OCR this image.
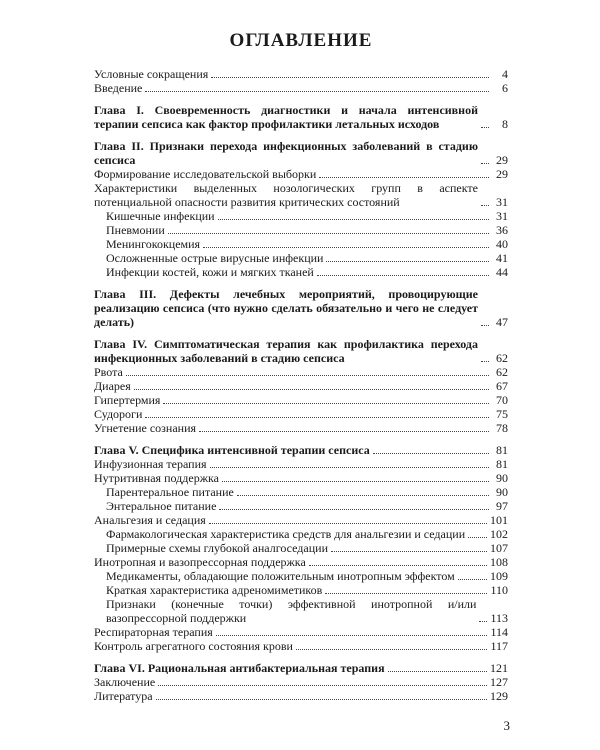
ОГЛАВЛЕНИЕ
Условные сокращения	4
Введение	6
Глава I. Своевременность диагностики и начала интенсивной терапии сепсиса как фактор профилактики летальных исходов	8
Глава II. Признаки перехода инфекционных заболеваний в стадию сепсиса	29
Формирование исследовательской выборки	29
Характеристики выделенных нозологических групп в аспекте потенциальной опасности развития критических состояний	31
Кишечные инфекции	31
Пневмонии	36
Менингококцемия	40
Осложненные острые вирусные инфекции	41
Инфекции костей, кожи и мягких тканей	44
Глава III. Дефекты лечебных мероприятий, провоцирующие реализацию сепсиса (что нужно сделать обязательно и чего не следует делать)	47
Глава IV. Симптоматическая терапия как профилактика перехода инфекционных заболеваний в стадию сепсиса	62
Рвота	62
Диарея	67
Гипертермия	70
Судороги	75
Угнетение сознания	78
Глава V. Специфика интенсивной терапии сепсиса	81
Инфузионная терапия	81
Нутритивная поддержка	90
Парентеральное питание	90
Энтеральное питание	97
Анальгезия и седация	101
Фармакологическая характеристика средств для анальгезии и седации 102
Примерные схемы глубокой аналгоседации	107
Инотропная и вазопрессорная поддержка	108
Медикаменты, обладающие положительным инотропным эффектом	109
Краткая характеристика адреномиметиков	110
Признаки (конечные точки) эффективной инотропной и/или вазопрессорной поддержки	113
Респираторная терапия	114
Контроль агрегатного состояния крови	117
Глава VI. Рациональная антибактериальная терапия	121
Заключение	127
Литература	129
3
